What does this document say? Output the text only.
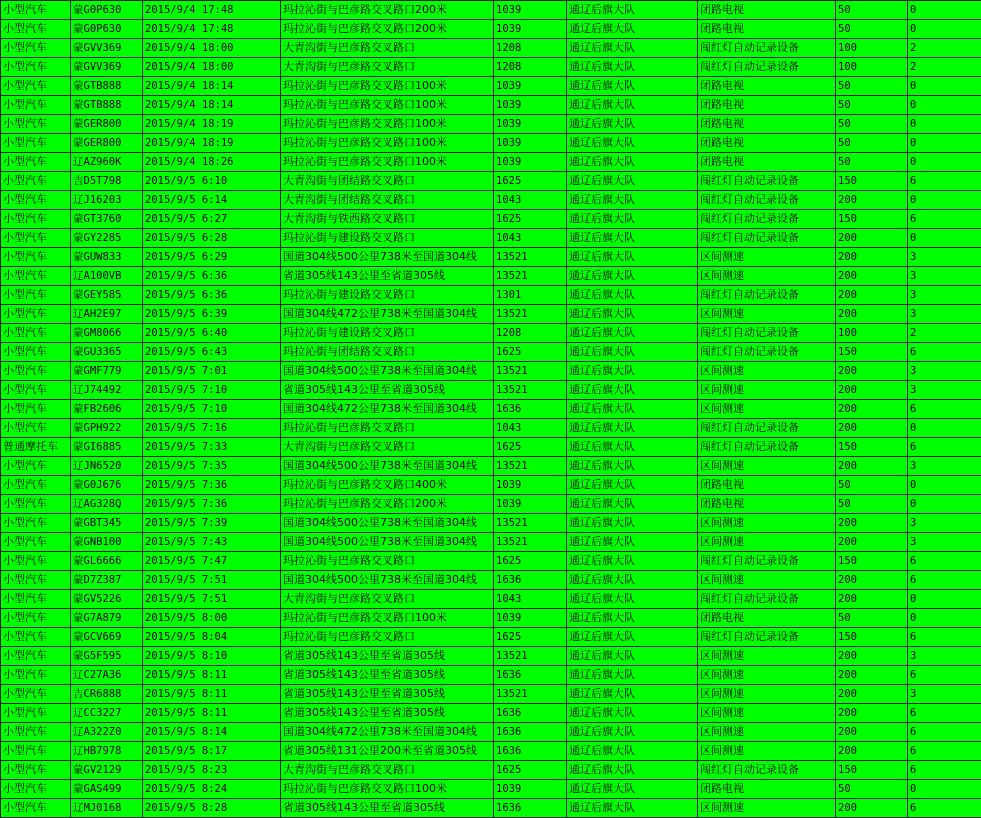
小型汽车	蒙G0P630	2015/9/4 17:48	玛拉沁街与巴彦路交叉路口200米	1039	通辽后旗大队	闭路电视	50	0
小型汽车	蒙G0P630	2015/9/4 17:48	玛拉沁街与巴彦路交叉路口200米	1039	通辽后旗大队	闭路电视	50	0
小型汽车	蒙GVV369	2015/9/4 18:00	大青沟街与巴彦路交叉路口	1208	通辽后旗大队	闯红灯自动记录设备	100	2
小型汽车	蒙GVV369	2015/9/4 18:00	大青沟街与巴彦路交叉路口	1208	通辽后旗大队	闯红灯自动记录设备	100	2
小型汽车	蒙GTB888	2015/9/4 18:14	玛拉沁街与巴彦路交叉路口100米	1039	通辽后旗大队	闭路电视	50	0
小型汽车	蒙GTB888	2015/9/4 18:14	玛拉沁街与巴彦路交叉路口100米	1039	通辽后旗大队	闭路电视	50	0
小型汽车	蒙GER800	2015/9/4 18:19	玛拉沁街与巴彦路交叉路口100米	1039	通辽后旗大队	闭路电视	50	0
小型汽车	蒙GER800	2015/9/4 18:19	玛拉沁街与巴彦路交叉路口100米	1039	通辽后旗大队	闭路电视	50	0
小型汽车	辽AZ960K	2015/9/4 18:26	玛拉沁街与巴彦路交叉路口100米	1039	通辽后旗大队	闭路电视	50	0
小型汽车	吉D5T798	2015/9/5 6:10	大青沟街与团结路交叉路口	1625	通辽后旗大队	闯红灯自动记录设备	150	6
小型汽车	辽J16203	2015/9/5 6:14	大青沟街与团结路交叉路口	1043	通辽后旗大队	闯红灯自动记录设备	200	0
小型汽车	蒙GT3760	2015/9/5 6:27	大青沟街与铁西路交叉路口	1625	通辽后旗大队	闯红灯自动记录设备	150	6
小型汽车	蒙GY2285	2015/9/5 6:28	玛拉沁街与建设路交叉路口	1043	通辽后旗大队	闯红灯自动记录设备	200	0
小型汽车	蒙GUW833	2015/9/5 6:29	国道304线500公里738米至国道304线	13521	通辽后旗大队	区间测速	200	3
小型汽车	辽A100VB	2015/9/5 6:36	省道305线143公里至省道305线	13521	通辽后旗大队	区间测速	200	3
小型汽车	蒙GEY585	2015/9/5 6:36	玛拉沁街与建设路交叉路口	1301	通辽后旗大队	闯红灯自动记录设备	200	3
小型汽车	辽AH2E97	2015/9/5 6:39	国道304线472公里738米至国道304线	13521	通辽后旗大队	区间测速	200	3
小型汽车	蒙GM8066	2015/9/5 6:40	玛拉沁街与建设路交叉路口	1208	通辽后旗大队	闯红灯自动记录设备	100	2
小型汽车	蒙GU3365	2015/9/5 6:43	玛拉沁街与团结路交叉路口	1625	通辽后旗大队	闯红灯自动记录设备	150	6
小型汽车	蒙GMF779	2015/9/5 7:01	国道304线500公里738米至国道304线	13521	通辽后旗大队	区间测速	200	3
小型汽车	辽J74492	2015/9/5 7:10	省道305线143公里至省道305线	13521	通辽后旗大队	区间测速	200	3
小型汽车	蒙FB2606	2015/9/5 7:10	国道304线472公里738米至国道304线	1636	通辽后旗大队	区间测速	200	6
小型汽车	蒙GPH922	2015/9/5 7:16	玛拉沁街与巴彦路交叉路口	1043	通辽后旗大队	闯红灯自动记录设备	200	0
普通摩托车	蒙GI6885	2015/9/5 7:33	大青沟街与巴彦路交叉路口	1625	通辽后旗大队	闯红灯自动记录设备	150	6
小型汽车	辽JN6520	2015/9/5 7:35	国道304线500公里738米至国道304线	13521	通辽后旗大队	区间测速	200	3
小型汽车	蒙G0J676	2015/9/5 7:36	玛拉沁街与巴彦路交叉路口400米	1039	通辽后旗大队	闭路电视	50	0
小型汽车	辽AG328Q	2015/9/5 7:36	玛拉沁街与巴彦路交叉路口200米	1039	通辽后旗大队	闭路电视	50	0
小型汽车	蒙GBT345	2015/9/5 7:39	国道304线500公里738米至国道304线	13521	通辽后旗大队	区间测速	200	3
小型汽车	蒙GNB100	2015/9/5 7:43	国道304线500公里738米至国道304线	13521	通辽后旗大队	区间测速	200	3
小型汽车	蒙GL6666	2015/9/5 7:47	玛拉沁街与巴彦路交叉路口	1625	通辽后旗大队	闯红灯自动记录设备	150	6
小型汽车	蒙D7Z387	2015/9/5 7:51	国道304线500公里738米至国道304线	1636	通辽后旗大队	区间测速	200	6
小型汽车	蒙GV5226	2015/9/5 7:51	大青沟街与巴彦路交叉路口	1043	通辽后旗大队	闯红灯自动记录设备	200	0
小型汽车	蒙G7A879	2015/9/5 8:00	玛拉沁街与巴彦路交叉路口100米	1039	通辽后旗大队	闭路电视	50	0
小型汽车	蒙GCV669	2015/9/5 8:04	玛拉沁街与巴彦路交叉路口	1625	通辽后旗大队	闯红灯自动记录设备	150	6
小型汽车	蒙G5F595	2015/9/5 8:10	省道305线143公里至省道305线	13521	通辽后旗大队	区间测速	200	3
小型汽车	辽C27A36	2015/9/5 8:11	省道305线143公里至省道305线	1636	通辽后旗大队	区间测速	200	6
小型汽车	吉CR6888	2015/9/5 8:11	省道305线143公里至省道305线	13521	通辽后旗大队	区间测速	200	3
小型汽车	辽CC3227	2015/9/5 8:11	省道305线143公里至省道305线	1636	通辽后旗大队	区间测速	200	6
小型汽车	辽A322Z0	2015/9/5 8:14	国道304线472公里738米至国道304线	1636	通辽后旗大队	区间测速	200	6
小型汽车	辽HB7978	2015/9/5 8:17	省道305线131公里200米至省道305线	1636	通辽后旗大队	区间测速	200	6
小型汽车	蒙GV2129	2015/9/5 8:23	大青沟街与巴彦路交叉路口	1625	通辽后旗大队	闯红灯自动记录设备	150	6
小型汽车	蒙GAS499	2015/9/5 8:24	玛拉沁街与巴彦路交叉路口100米	1039	通辽后旗大队	闭路电视	50	0
小型汽车	辽MJ0168	2015/9/5 8:28	省道305线143公里至省道305线	1636	通辽后旗大队	区间测速	200	6
